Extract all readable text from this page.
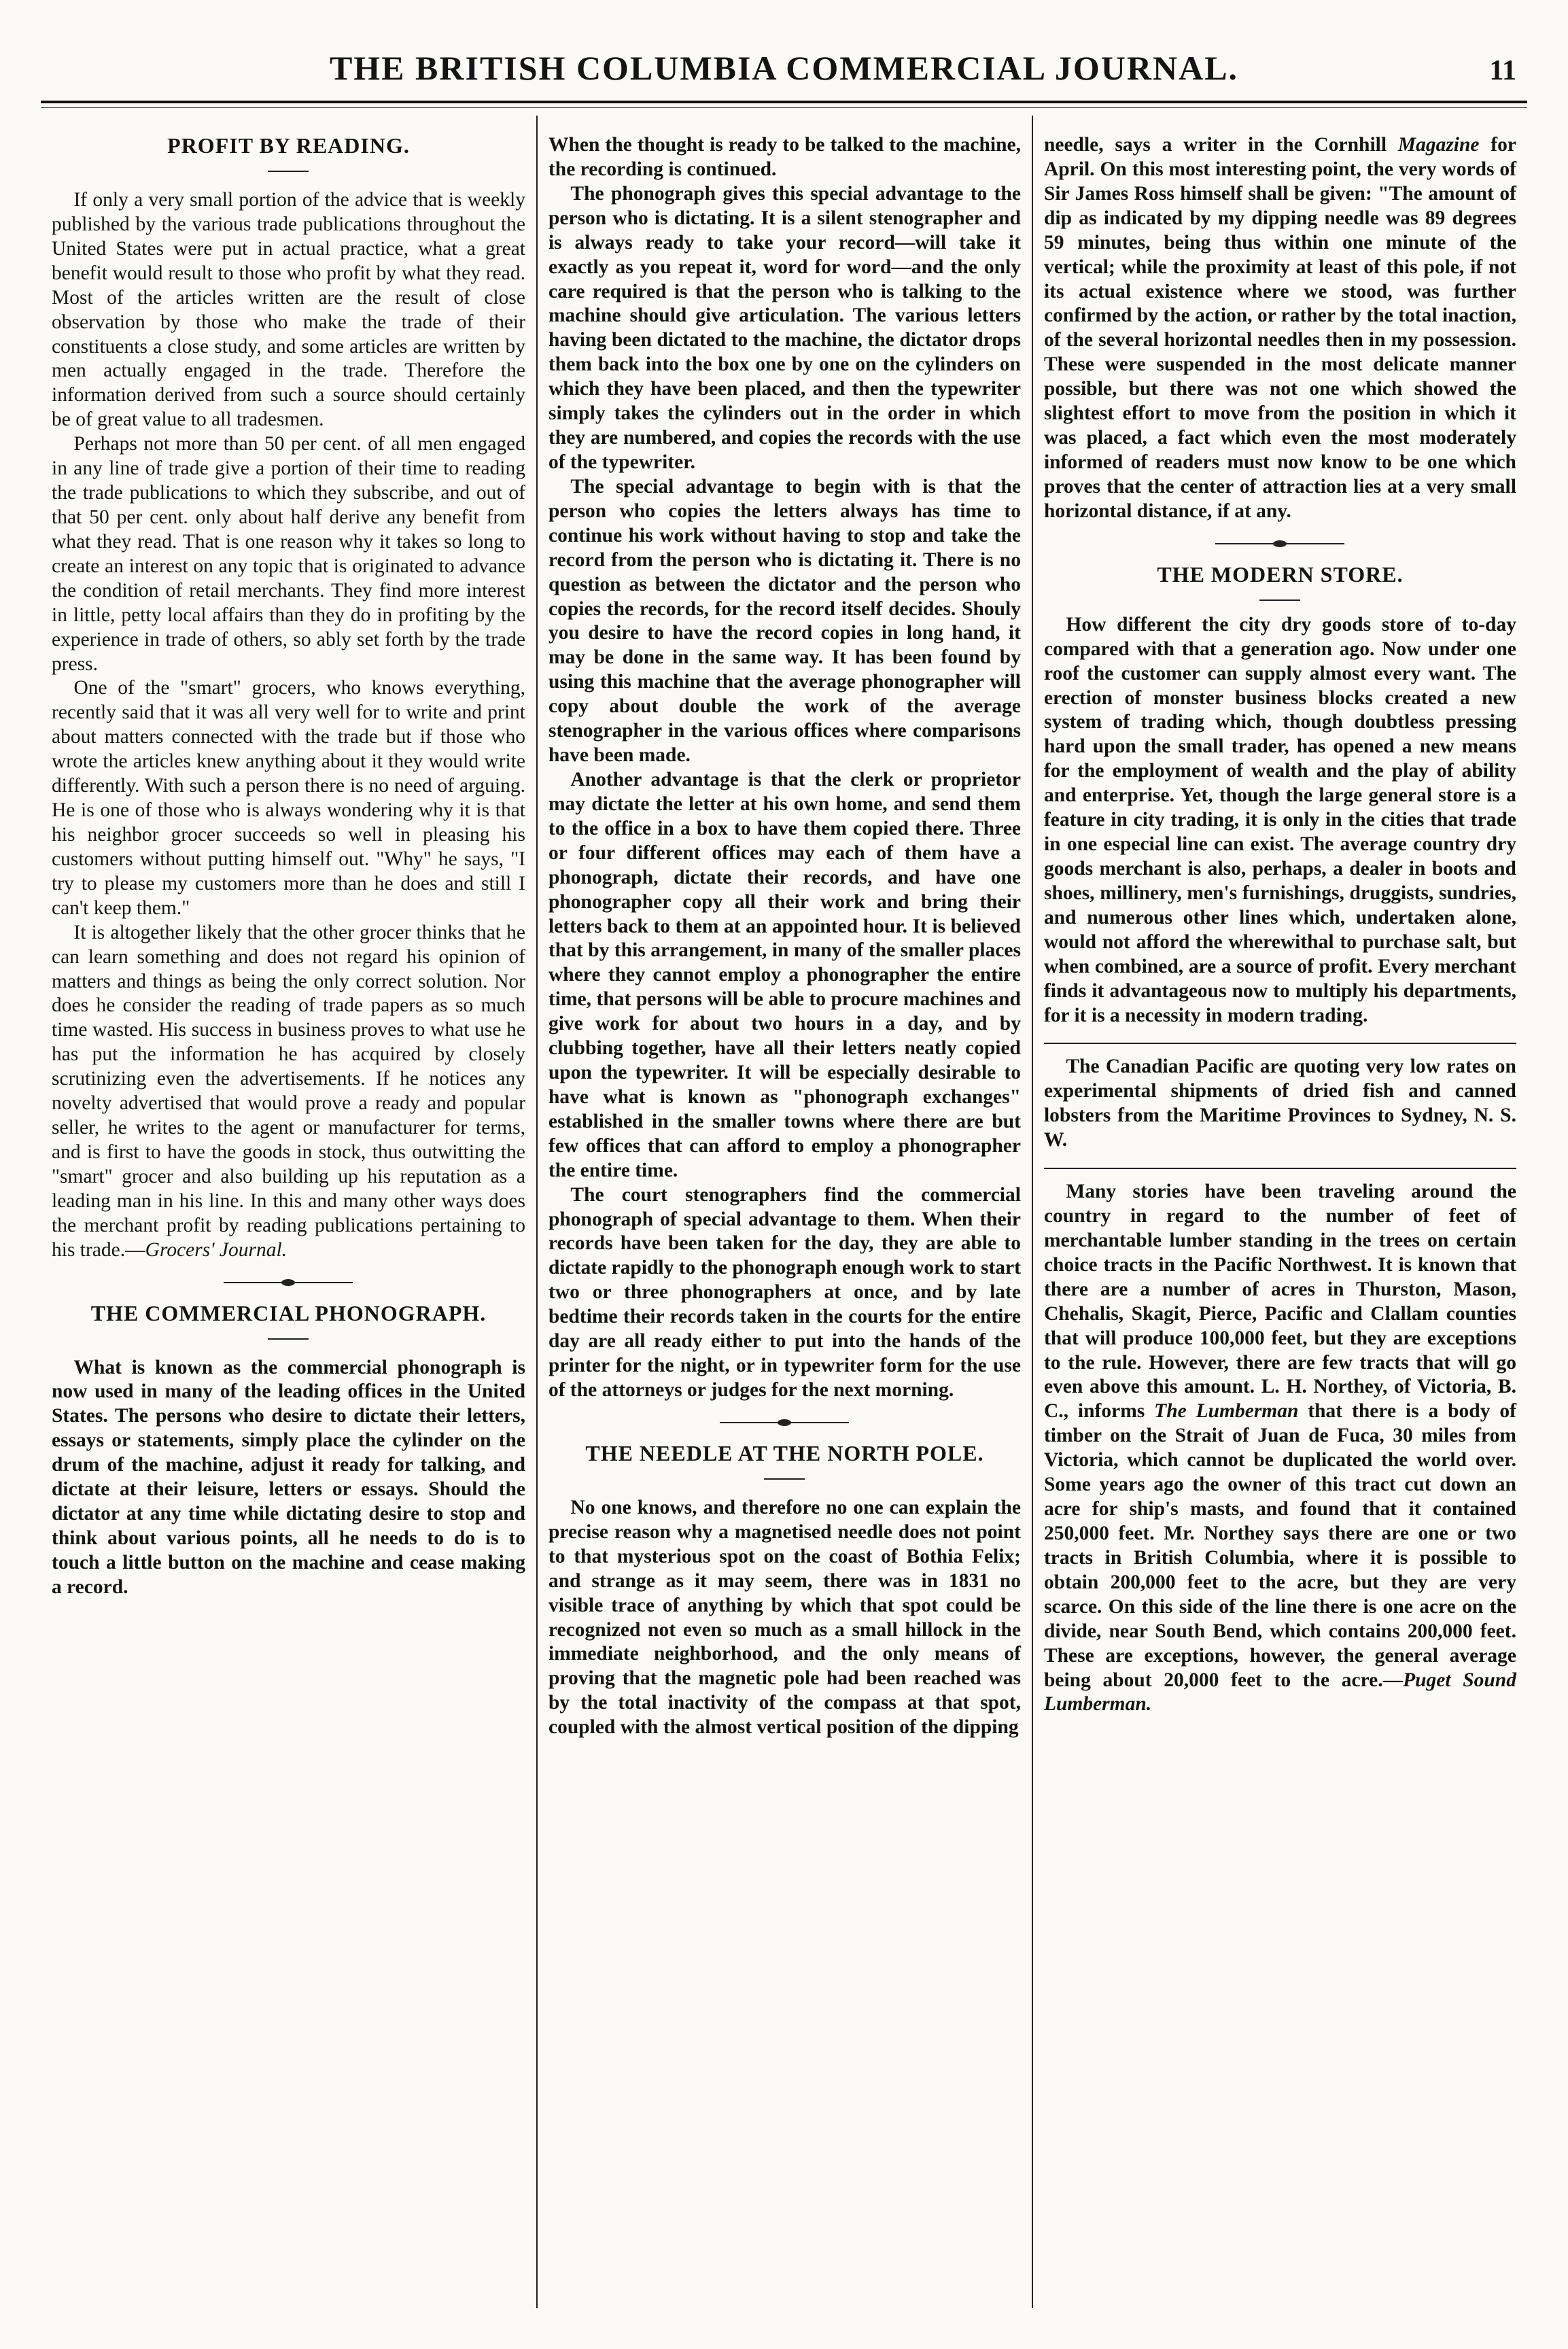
THE BRITISH COLUMBIA COMMERCIAL JOURNAL.	11
PROFIT BY READING.

If only a very small portion of the advice that is weekly published by the various trade publications throughout the United States were put in actual practice, what a great benefit would result to those who profit by what they read. Most of the articles written are the result of close observation by those who make the trade of their constituents a close study, and some articles are written by men actually engaged in the trade. Therefore the information derived from such a source should certainly be of great value to all tradesmen.

Perhaps not more than 50 per cent. of all men engaged in any line of trade give a portion of their time to reading the trade publications to which they subscribe, and out of that 50 per cent. only about half derive any benefit from what they read. That is one reason why it takes so long to create an interest on any topic that is originated to advance the condition of retail merchants. They find more interest in little, petty local affairs than they do in profiting by the experience in trade of others, so ably set forth by the trade press.

One of the "smart" grocers, who knows everything, recently said that it was all very well for to write and print about matters connected with the trade but if those who wrote the articles knew anything about it they would write differently. With such a person there is no need of arguing. He is one of those who is always wondering why it is that his neighbor grocer succeeds so well in pleasing his customers without putting himself out. "Why" he says, "I try to please my customers more than he does and still I can't keep them."

It is altogether likely that the other grocer thinks that he can learn something and does not regard his opinion of matters and things as being the only correct solution. Nor does he consider the reading of trade papers as so much time wasted. His success in business proves to what use he has put the information he has acquired by closely scrutinizing even the advertisements. If he notices any novelty advertised that would prove a ready and popular seller, he writes to the agent or manufacturer for terms, and is first to have the goods in stock, thus outwitting the "smart" grocer and also building up his reputation as a leading man in his line. In this and many other ways does the merchant profit by reading publications pertaining to his trade.—Grocers' Journal.

THE COMMERCIAL PHONOGRAPH.

What is known as the commercial phonograph is now used in many of the leading offices in the United States. The persons who desire to dictate their letters, essays or statements, simply place the cylinder on the drum of the machine, adjust it ready for talking, and dictate at their leisure, letters or essays. Should the dictator at any time while dictating desire to stop and think about various points, all he needs to do is to touch a little button on the machine and cease making a record.

When the thought is ready to be talked to the machine, the recording is continued.

The phonograph gives this special advantage to the person who is dictating. It is a silent stenographer and is always ready to take your record—will take it exactly as you repeat it, word for word—and the only care required is that the person who is talking to the machine should give articulation. The various letters having been dictated to the machine, the dictator drops them back into the box one by one on the cylinders on which they have been placed, and then the typewriter simply takes the cylinders out in the order in which they are numbered, and copies the records with the use of the typewriter.

The special advantage to begin with is that the person who copies the letters always has time to continue his work without having to stop and take the record from the person who is dictating it. There is no question as between the dictator and the person who copies the records, for the record itself decides. Shouly you desire to have the record copies in long hand, it may be done in the same way. It has been found by using this machine that the average phonographer will copy about double the work of the average stenographer in the various offices where comparisons have been made.

Another advantage is that the clerk or proprietor may dictate the letter at his own home, and send them to the office in a box to have them copied there. Three or four different offices may each of them have a phonograph, dictate their records, and have one phonographer copy all their work and bring their letters back to them at an appointed hour. It is believed that by this arrangement, in many of the smaller places where they cannot employ a phonographer the entire time, that persons will be able to procure machines and give work for about two hours in a day, and by clubbing together, have all their letters neatly copied upon the typewriter. It will be especially desirable to have what is known as "phonograph exchanges" established in the smaller towns where there are but few offices that can afford to employ a phonographer the entire time.

The court stenographers find the commercial phonograph of special advantage to them. When their records have been taken for the day, they are able to dictate rapidly to the phonograph enough work to start two or three phonographers at once, and by late bedtime their records taken in the courts for the entire day are all ready either to put into the hands of the printer for the night, or in typewriter form for the use of the attorneys or judges for the next morning.

THE NEEDLE AT THE NORTH POLE.

No one knows, and therefore no one can explain the precise reason why a magnetised needle does not point to that mysterious spot on the coast of Bothia Felix; and strange as it may seem, there was in 1831 no visible trace of anything by which that spot could be recognized not even so much as a small hillock in the immediate neighborhood, and the only means of proving that the magnetic pole had been reached was by the total inactivity of the compass at that spot, coupled with the almost vertical position of the dipping

needle, says a writer in the Cornhill Magazine for April. On this most interesting point, the very words of Sir James Ross himself shall be given: "The amount of dip as indicated by my dipping needle was 89 degrees 59 minutes, being thus within one minute of the vertical; while the proximity at least of this pole, if not its actual existence where we stood, was further confirmed by the action, or rather by the total inaction, of the several horizontal needles then in my possession. These were suspended in the most delicate manner possible, but there was not one which showed the slightest effort to move from the position in which it was placed, a fact which even the most moderately informed of readers must now know to be one which proves that the center of attraction lies at a very small horizontal distance, if at any.

THE MODERN STORE.

How different the city dry goods store of to-day compared with that a generation ago. Now under one roof the customer can supply almost every want. The erection of monster business blocks created a new system of trading which, though doubtless pressing hard upon the small trader, has opened a new means for the employment of wealth and the play of ability and enterprise. Yet, though the large general store is a feature in city trading, it is only in the cities that trade in one especial line can exist. The average country dry goods merchant is also, perhaps, a dealer in boots and shoes, millinery, men's furnishings, druggists, sundries, and numerous other lines which, undertaken alone, would not afford the wherewithal to purchase salt, but when combined, are a source of profit. Every merchant finds it advantageous now to multiply his departments, for it is a necessity in modern trading.

The Canadian Pacific are quoting very low rates on experimental shipments of dried fish and canned lobsters from the Maritime Provinces to Sydney, N. S. W.

Many stories have been traveling around the country in regard to the number of feet of merchantable lumber standing in the trees on certain choice tracts in the Pacific Northwest. It is known that there are a number of acres in Thurston, Mason, Chehalis, Skagit, Pierce, Pacific and Clallam counties that will produce 100,000 feet, but they are exceptions to the rule. However, there are few tracts that will go even above this amount. L. H. Northey, of Victoria, B. C., informs The Lumberman that there is a body of timber on the Strait of Juan de Fuca, 30 miles from Victoria, which cannot be duplicated the world over. Some years ago the owner of this tract cut down an acre for ship's masts, and found that it contained 250,000 feet. Mr. Northey says there are one or two tracts in British Columbia, where it is possible to obtain 200,000 feet to the acre, but they are very scarce. On this side of the line there is one acre on the divide, near South Bend, which contains 200,000 feet. These are exceptions, however, the general average being about 20,000 feet to the acre.—Puget Sound Lumberman.
